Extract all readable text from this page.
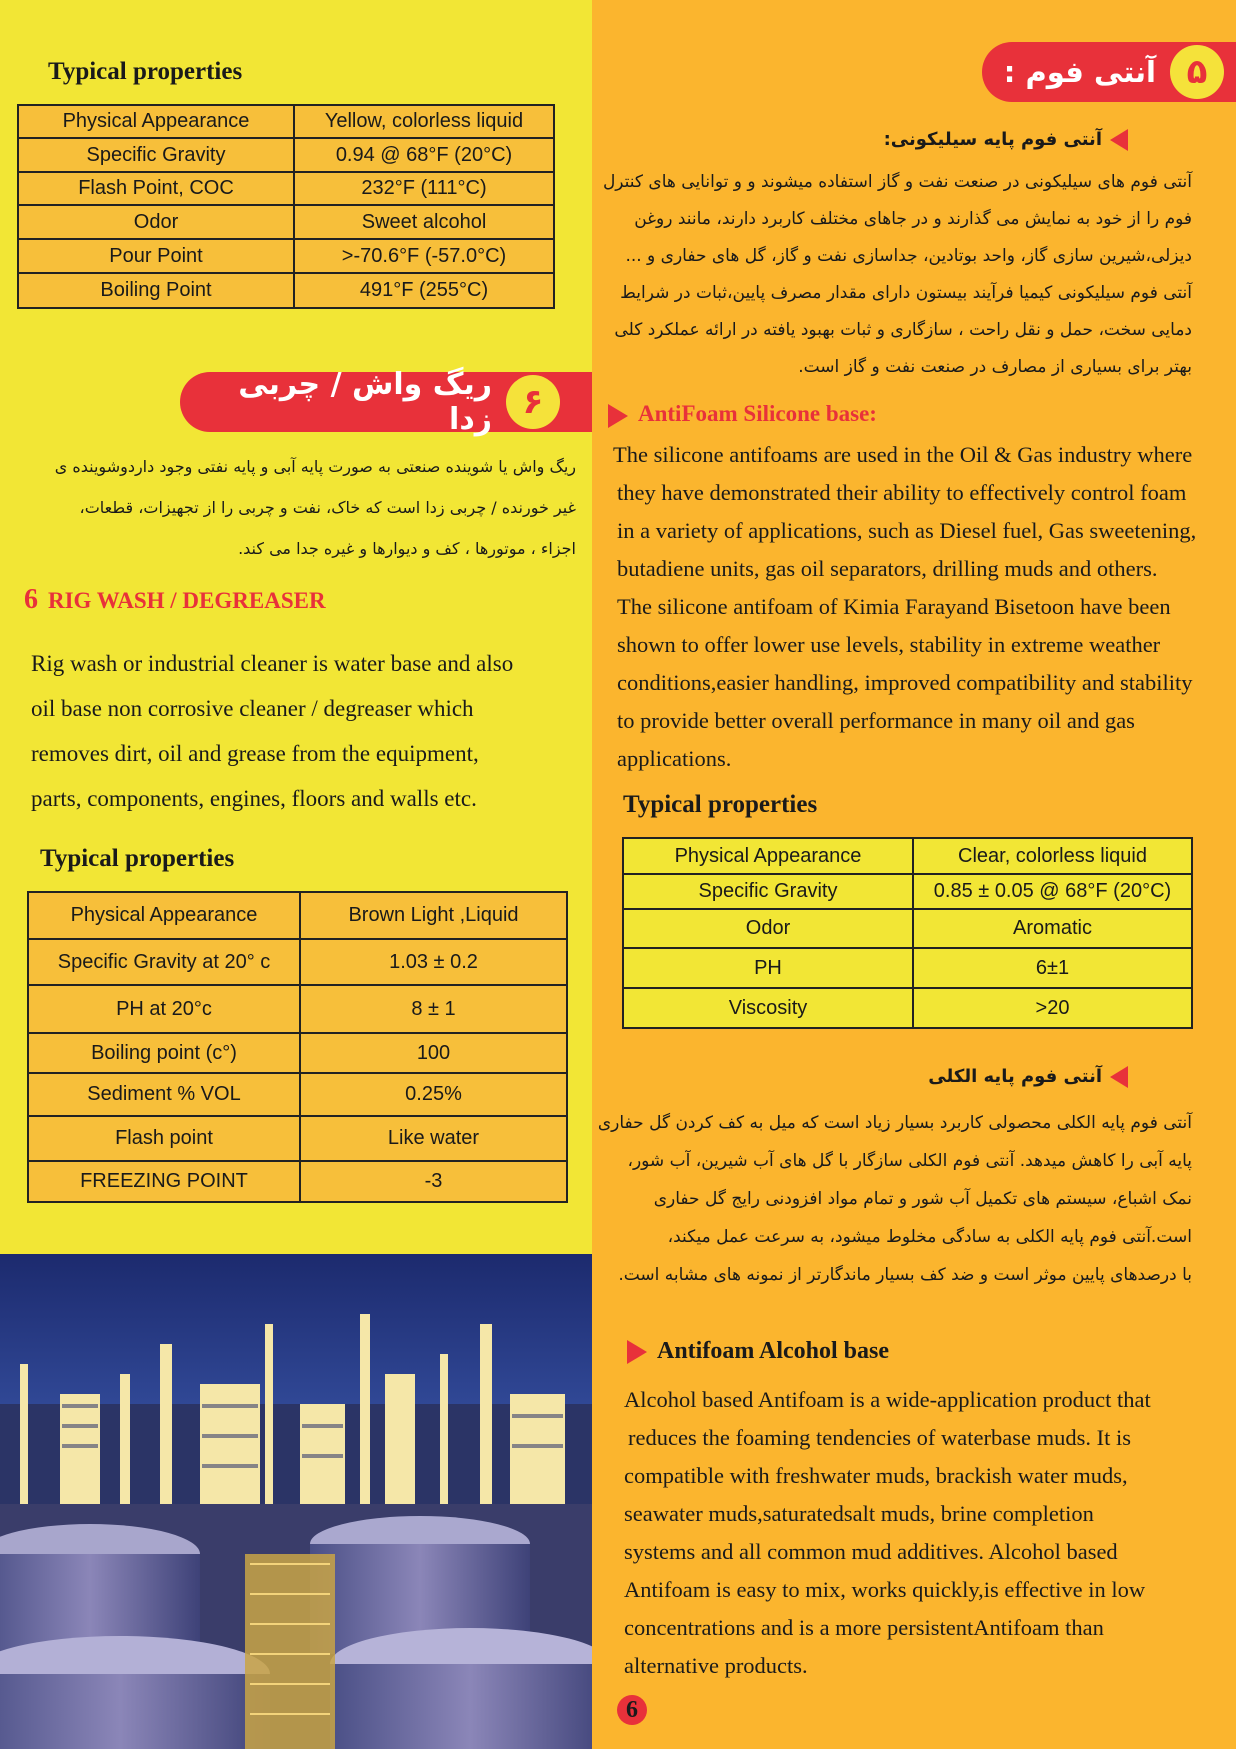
Typical properties
Physical Appearance	Yellow, colorless liquid
Specific Gravity	0.94 @ 68°F (20°C)
Flash Point, COC	232°F (111°C)
Odor	Sweet alcohol
Pour Point	>-70.6°F (-57.0°C)
Boiling Point	491°F (255°C)
ریگ واش / چربی زدا ۶
ریگ واش یا شوینده صنعتی به صورت پایه آبی و پایه نفتی وجود داردوشوینده ی
غیر خورنده / چربی زدا است که خاک، نفت و چربی را از تجهیزات، قطعات،
اجزاء ، موتورها ، کف و دیوارها و غیره جدا می کند.
6 RIG WASH / DEGREASER
Rig wash or industrial cleaner is water base and also
oil base non corrosive cleaner / degreaser which
removes dirt, oil and grease from the equipment,
parts, components, engines, floors and walls etc.
Typical properties
Physical Appearance	Brown Light ,Liquid
Specific Gravity at 20° c	1.03 ± 0.2
PH at 20°c	8 ± 1
Boiling point (c°)	100
Sediment % VOL	0.25%
Flash point	Like water
FREEZING POINT	-3
آنتی فوم : ۵
آنتی فوم پایه سیلیکونی:
آنتی فوم های سیلیکونی در صنعت نفت و گاز استفاده میشوند و و توانایی های کنترل
فوم را از خود به نمایش می گذارند و در جاهای مختلف کاربرد دارند، مانند روغن
دیزلی،شیرین سازی گاز، واحد بوتادین، جداسازی نفت و گاز، گل های حفاری و ...
آنتی فوم سیلیکونی کیمیا فرآیند بیستون دارای مقدار مصرف پایین،ثبات در شرایط
دمایی سخت، حمل و نقل راحت ، سازگاری و ثبات بهبود یافته در ارائه عملکرد کلی
بهتر برای بسیاری از مصارف در صنعت نفت و گاز است.
AntiFoam Silicone base:
The silicone antifoams are used in the Oil & Gas industry where
they have demonstrated their ability to effectively control foam
in a variety of applications, such as Diesel fuel, Gas sweetening,
butadiene units, gas oil separators, drilling muds and others.
The silicone antifoam of Kimia Farayand Bisetoon have been
shown to offer lower use levels, stability in extreme weather
conditions,easier handling, improved compatibility and stability
to provide better overall performance in many oil and gas
applications.
Typical properties
Physical Appearance	Clear, colorless liquid
Specific Gravity	0.85 ± 0.05 @ 68°F (20°C)
Odor	Aromatic
PH	6±1
Viscosity	>20
آنتی فوم پایه الکلی
آنتی فوم پایه الکلی محصولی کاربرد بسیار زیاد است که میل به کف کردن گل حفاری
پایه آبی را کاهش میدهد. آنتی فوم الکلی سازگار با گل های آب شیرین، آب شور،
نمک اشباع، سیستم های تکمیل آب شور و تمام مواد افزودنی رایج گل حفاری
است.آنتی فوم پایه الکلی به سادگی مخلوط میشود، به سرعت عمل میکند،
با درصدهای پایین موثر است و ضد کف بسیار ماندگارتر از نمونه های مشابه است.
Antifoam Alcohol base
Alcohol based Antifoam is a wide-application product that
reduces the foaming tendencies of waterbase muds. It is
compatible with freshwater muds, brackish water muds,
seawater muds,saturatedsalt muds, brine completion
systems and all common mud additives. Alcohol based
Antifoam is easy to mix, works quickly,is effective in low
concentrations and is a more persistentAntifoam than
alternative products.
6
